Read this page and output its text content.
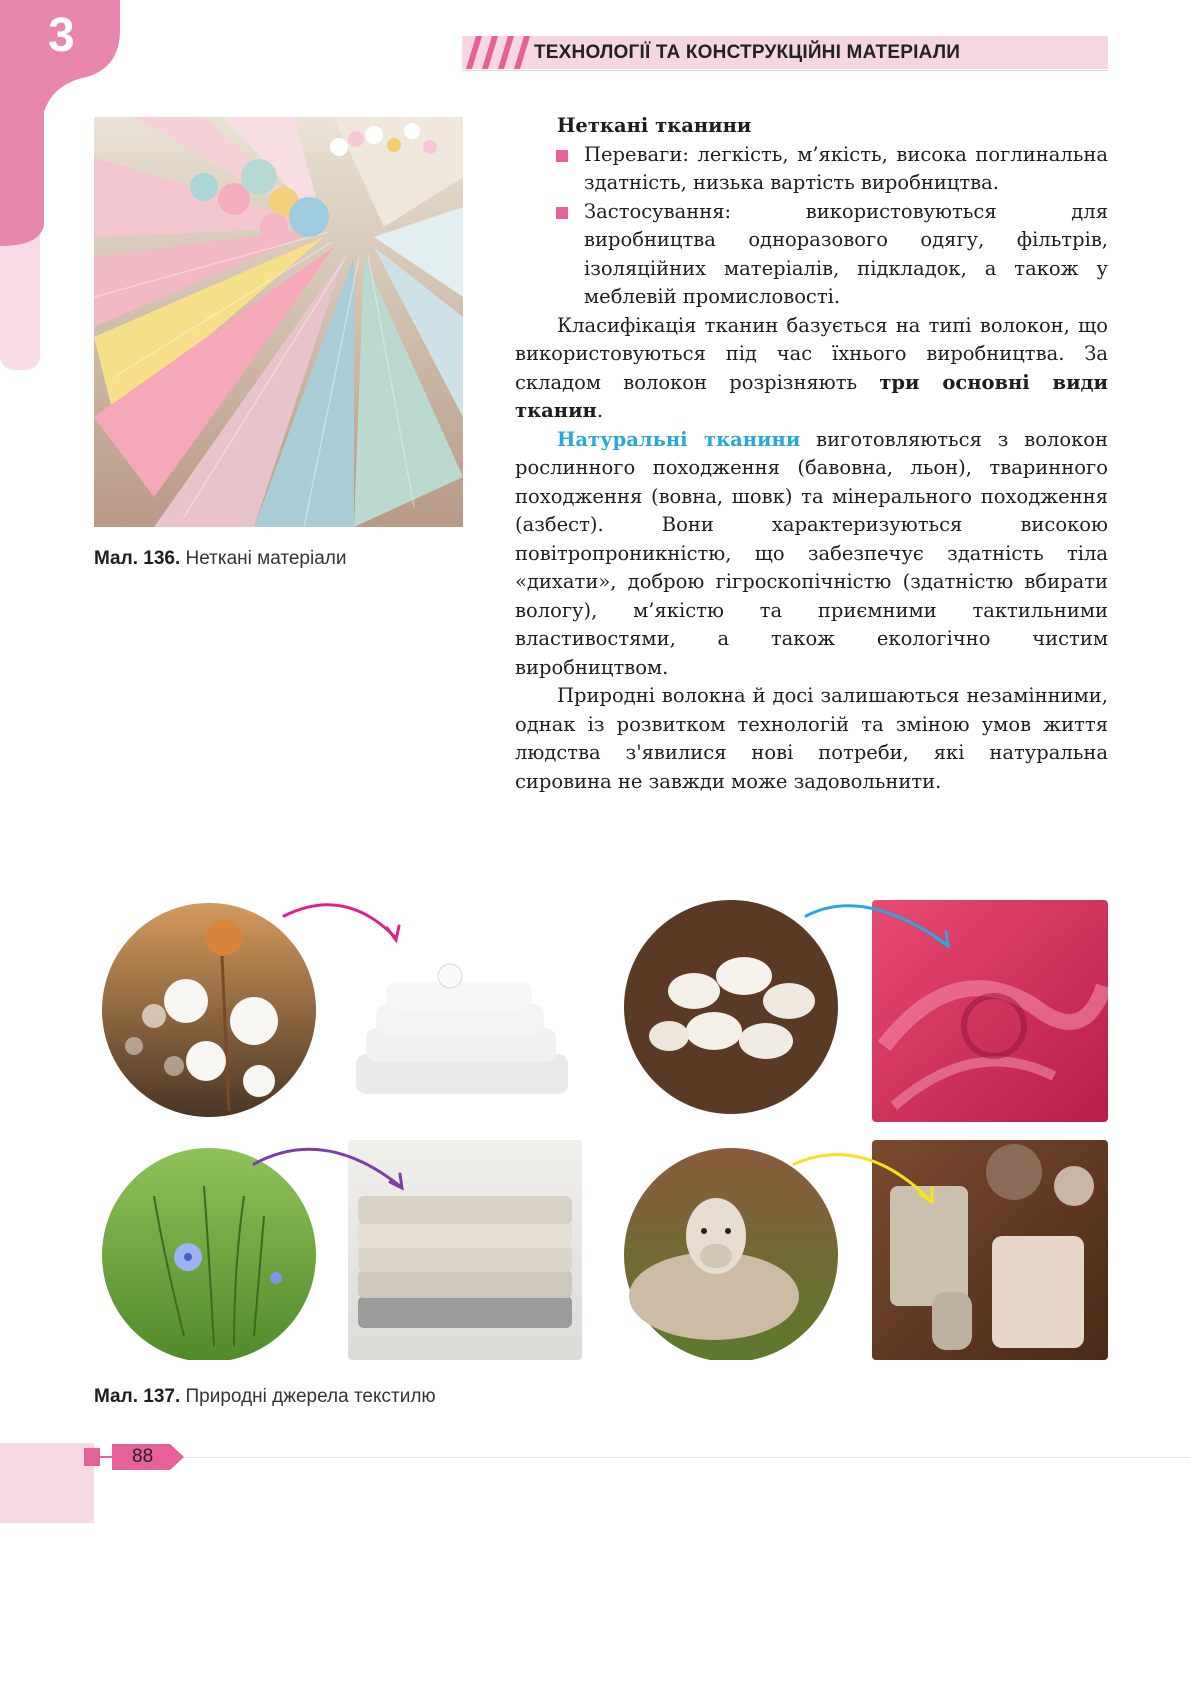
3	ТЕХНОЛОГІЇ ТА КОНСТРУКЦІЙНІ МАТЕРІАЛИ
Мал. 136. Неткані матеріали

Неткані тканини

Переваги: легкість, м’якість, висока поглинальна здатність, низька вартість виробництва.

Застосування: використовуються для виробництва одноразового одягу, фільтрів, ізоляційних матеріалів, підкладок, а також у меблевій промисловості.

Класифікація тканин базується на типі волокон, що використовуються під час їхнього виробництва. За складом волокон розрізняють три основні види тканин.

Натуральні тканини виготовляються з волокон рослинного походження (бавовна, льон), тваринного походження (вовна, шовк) та мінерального походження (азбест). Вони характеризуються високою повітропроникністю, що забезпечує здатність тіла «дихати», доброю гігроскопічністю (здатністю вбирати вологу), м’якістю та приємними тактильними властивостями, а також екологічно чистим виробництвом.

Природні волокна й досі залишаються незамінними, однак із розвитком технологій та зміною умов життя людства з'явилися нові потреби, які натуральна сировина не завжди може задовольнити.

Мал. 137. Природні джерела текстилю
88
